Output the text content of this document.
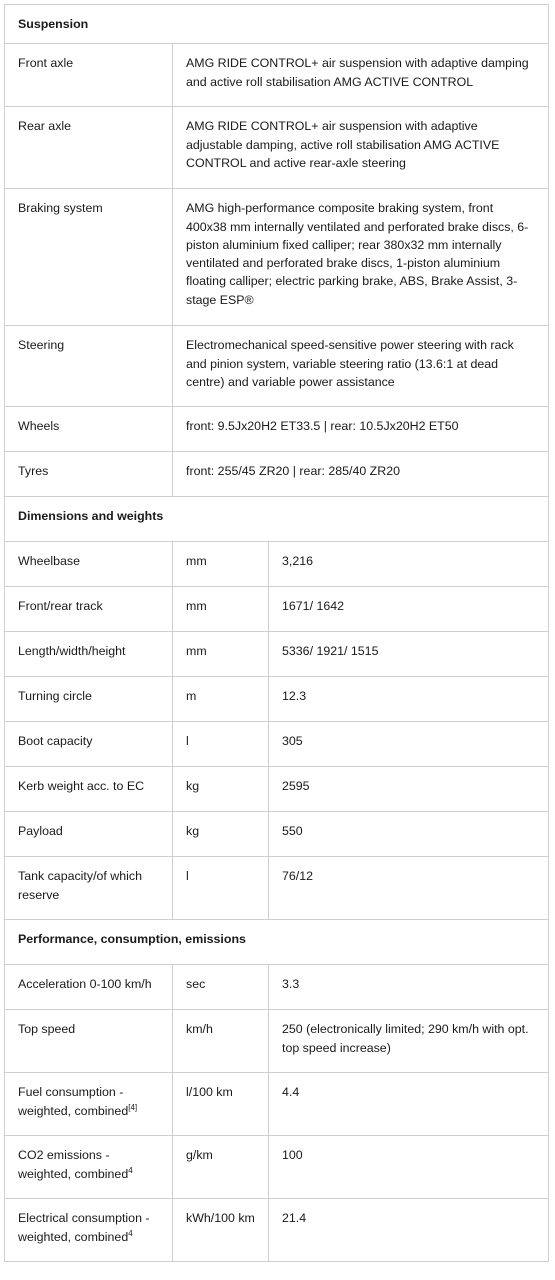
Suspension		
Front axle	AMG RIDE CONTROL+ air suspension with adaptive damping and active roll stabilisation AMG ACTIVE CONTROL	
Rear axle	AMG RIDE CONTROL+ air suspension with adaptive adjustable damping, active roll stabilisation AMG ACTIVE CONTROL and active rear-axle steering	
Braking system	AMG high-performance composite braking system, front 400x38 mm internally ventilated and perforated brake discs, 6-piston aluminium fixed calliper; rear 380x32 mm internally ventilated and perforated brake discs, 1-piston aluminium floating calliper; electric parking brake, ABS, Brake Assist, 3-stage ESP®	
Steering	Electromechanical speed-sensitive power steering with rack and pinion system, variable steering ratio (13.6:1 at dead centre) and variable power assistance	
Wheels	front: 9.5Jx20H2 ET33.5 | rear: 10.5Jx20H2 ET50	
Tyres	front: 255/45 ZR20 | rear: 285/40 ZR20	
Dimensions and weights		
Wheelbase	mm	3,216
Front/rear track	mm	1671/ 1642
Length/width/height	mm	5336/ 1921/ 1515
Turning circle	m	12.3
Boot capacity	l	305
Kerb weight acc. to EC	kg	2595
Payload	kg	550
Tank capacity/of which reserve	l	76/12
Performance, consumption, emissions		
Acceleration 0-100 km/h	sec	3.3
Top speed	km/h	250 (electronically limited; 290 km/h with opt. top speed increase)
Fuel consumption - weighted, combined[4]	l/100 km	4.4
CO2 emissions - weighted, combined$^4$	g/km	100
Electrical consumption - weighted, combined$^4$	kWh/100 km	21.4
